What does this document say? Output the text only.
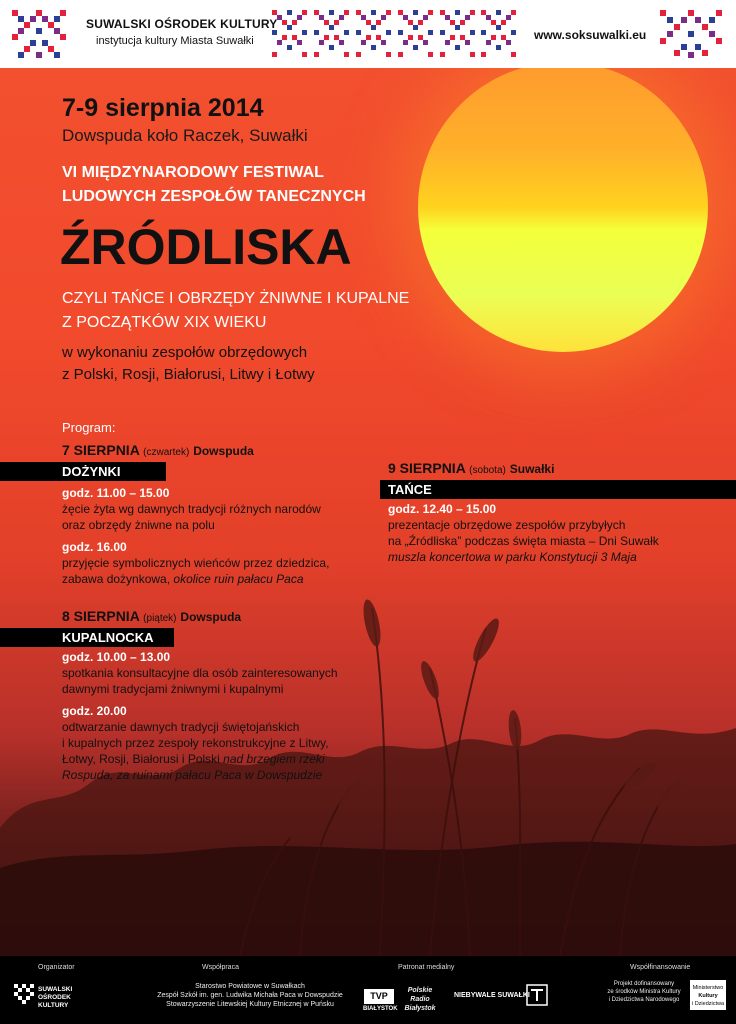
SUWALSKI OŚRODEK KULTURY
instytucja kultury Miasta Suwałki	www.soksuwalki.eu
7-9 sierpnia 2014
Dowspuda koło Raczek, Suwałki
VI MIĘDZYNARODOWY FESTIWAL
LUDOWYCH ZESPOŁÓW TANECZNYCH
ŹRÓDLISKA
CZYLI TAŃCE I OBRZĘDY ŻNIWNE I KUPALNE
Z POCZĄTKÓW XIX WIEKU
w wykonaniu zespołów obrzędowych
z Polski, Rosji, Białorusi, Litwy i Łotwy
Program:
7 SIERPNIA (czwartek) Dowspuda
DOŻYNKI
godz. 11.00 – 15.00
żęcie żyta wg dawnych tradycji różnych narodów
oraz obrzędy żniwne na polu
godz. 16.00
przyjęcie symbolicznych wieńców przez dziedzica,
zabawa dożynkowa, okolice ruin pałacu Paca
8 SIERPNIA (piątek) Dowspuda
KUPALNOCKA
godz. 10.00 – 13.00
spotkania konsultacyjne dla osób zainteresowanych
dawnymi tradycjami żniwnymi i kupalnymi
godz. 20.00
odtwarzanie dawnych tradycji świętojańskich
i kupalnych przez zespoły rekonstrukcyjne z Litwy,
Łotwy, Rosji, Białorusi i Polski nad brzegiem rzeki
Rospuda, za ruinami pałacu Paca w Dowspudzie
9 SIERPNIA (sobota) Suwałki
TAŃCE
godz. 12.40 – 15.00
prezentacje obrzędowe zespołów przybyłych
na „Źródliska” podczas święta miasta – Dni Suwałk
muszla koncertowa w parku Konstytucji 3 Maja
Organizator
SUWALSKI
OŚRODEK
KULTURY
Współpraca
Starostwo Powiatowe w Suwałkach
Zespół Szkół im. gen. Ludwika Michała Paca w Dowspudzie
Stowarzyszenie Litewskiej Kultury Etnicznej w Puńsku
Patronat medialny
TVP
BIAŁYSTOK
Polskie
Radio
Białystok
NIEBYWALE SUWAŁKI
Współfinansowanie
Projekt dofinansowany
ze środków Ministra Kultury
i Dziedzictwa Narodowego
Ministerstwo
Kultury
i Dziedzictwa
